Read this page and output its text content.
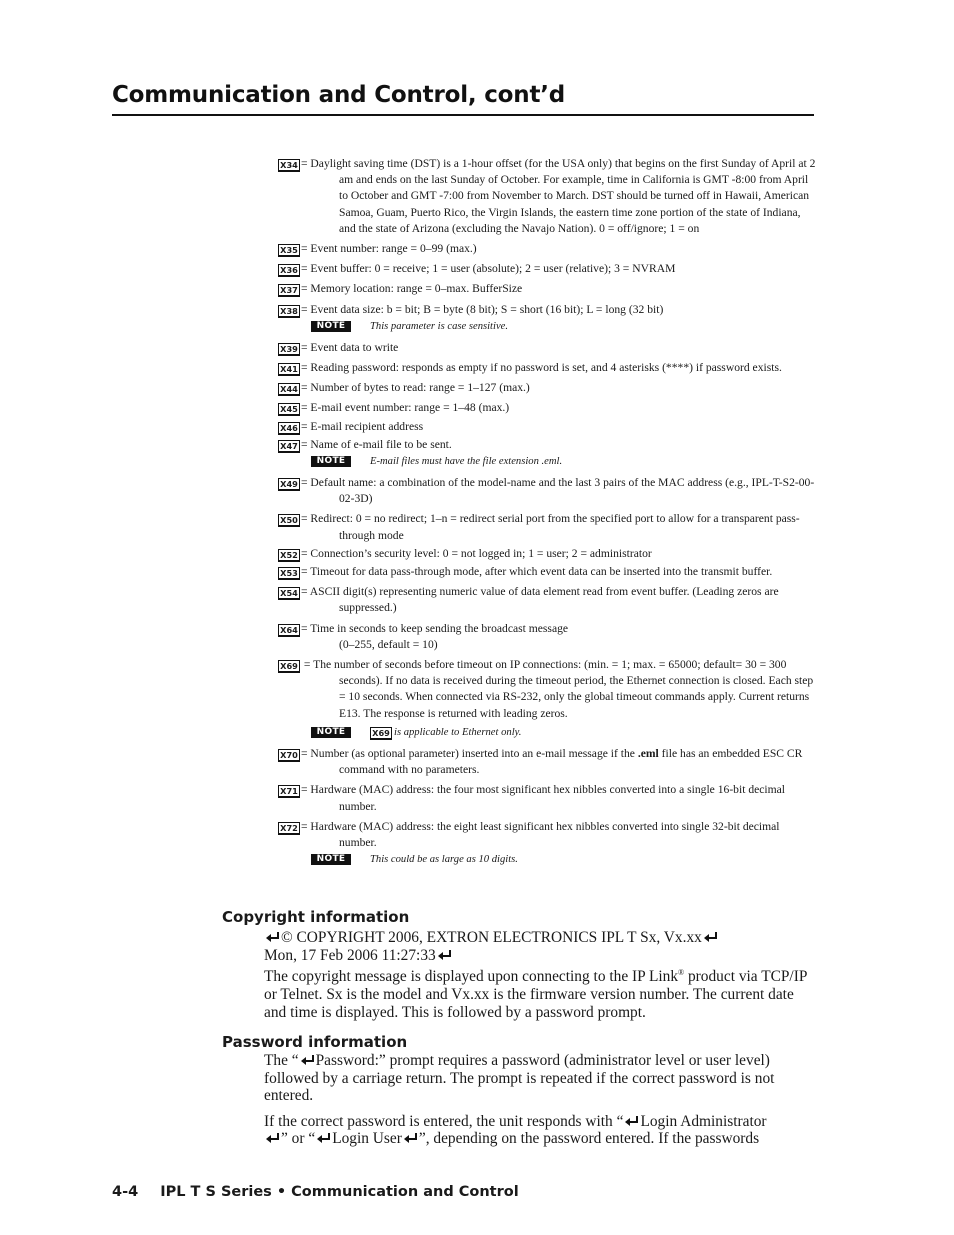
Communication and Control, cont’d
X34 = Daylight saving time (DST) is a 1-hour offset (for the USA only) that begins on the first Sunday of April at 2 am and ends on the last Sunday of October. For example, time in California is GMT -8:00 from April to October and GMT -7:00 from November to March. DST should be turned off in Hawaii, American Samoa, Guam, Puerto Rico, the Virgin Islands, the eastern time zone portion of the state of Indiana, and the state of Arizona (excluding the Navajo Nation). 0 = off/ignore; 1 = on
X35 = Event number: range = 0–99 (max.)
X36 = Event buffer: 0 = receive; 1 = user (absolute); 2 = user (relative); 3 = NVRAM
X37 = Memory location: range = 0–max. BufferSize
X38 = Event data size: b = bit; B = byte (8 bit); S = short (16 bit); L = long (32 bit)
NOTE	This parameter is case sensitive.
X39 = Event data to write
X41 = Reading password: responds as empty if no password is set, and 4 asterisks (****) if password exists.
X44 = Number of bytes to read: range = 1–127 (max.)
X45 = E-mail event number: range = 1–48 (max.)
X46 = E-mail recipient address
X47 = Name of e-mail file to be sent.
NOTE	E-mail files must have the file extension .eml.
X49 = Default name: a combination of the model-name and the last 3 pairs of the MAC address (e.g., IPL-T-S2-00-02-3D)
X50 = Redirect: 0 = no redirect; 1–n = redirect serial port from the specified port to allow for a transparent pass-through mode
X52 = Connection’s security level: 0 = not logged in; 1 = user; 2 = administrator
X53 = Timeout for data pass-through mode, after which event data can be inserted into the transmit buffer.
X54 = ASCII digit(s) representing numeric value of data element read from event buffer. (Leading zeros are suppressed.)
X64 = Time in seconds to keep sending the broadcast message
(0–255, default = 10)
X69 = The number of seconds before timeout on IP connections: (min. = 1; max. = 65000; default= 30 = 300 seconds). If no data is received during the timeout period, the Ethernet connection is closed. Each step = 10 seconds. When connected via RS-232, only the global timeout commands apply. Current returns E13. The response is returned with leading zeros.
NOTE	X69 is applicable to Ethernet only.
X70 = Number (as optional parameter) inserted into an e-mail message if the .eml file has an embedded ESC CR command with no parameters.
X71 = Hardware (MAC) address: the four most significant hex nibbles converted into a single 16-bit decimal number.
X72 = Hardware (MAC) address: the eight least significant hex nibbles converted into single 32-bit decimal number.
NOTE	This could be as large as 10 digits.
Copyright information

© COPYRIGHT 2006, EXTRON ELECTRONICS IPL T Sx, Vx.xx

Mon, 17 Feb 2006 11:27:33

The copyright message is displayed upon connecting to the IP Link® product via TCP/IP or Telnet. Sx is the model and Vx.xx is the firmware version number. The current date and time is displayed. This is followed by a password prompt.

Password information

The “ Password:” prompt requires a password (administrator level or user level) followed by a carriage return. The prompt is repeated if the correct password is not entered.

If the correct password is entered, the unit responds with “ Login Administrator
” or “ Login User ”, depending on the password entered. If the passwords

4-4 IPL T S Series • Communication and Control
